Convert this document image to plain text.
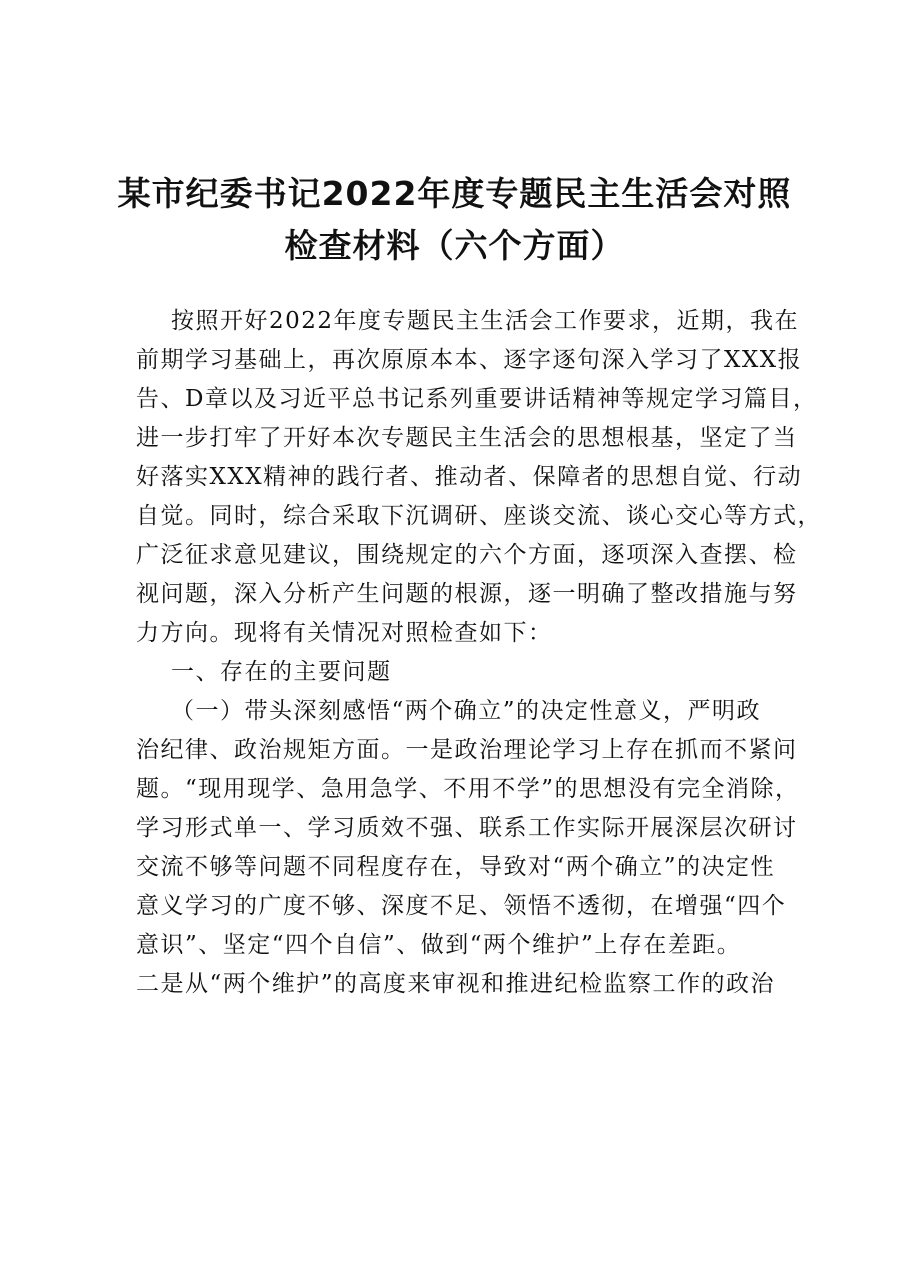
某市纪委书记2022年度专题民主生活会对照
检查材料（六个方面）
按照开好2022年度专题民主生活会工作要求，近期，我在
前期学习基础上，再次原原本本、逐字逐句深入学习了XXX报
告、D章以及习近平总书记系列重要讲话精神等规定学习篇目，
进一步打牢了开好本次专题民主生活会的思想根基，坚定了当
好落实XXX精神的践行者、推动者、保障者的思想自觉、行动
自觉。同时，综合采取下沉调研、座谈交流、谈心交心等方式，
广泛征求意见建议，围绕规定的六个方面，逐项深入查摆、检
视问题，深入分析产生问题的根源，逐一明确了整改措施与努
力方向。现将有关情况对照检查如下：
一、存在的主要问题
（一）带头深刻感悟“两个确立”的决定性意义，严明政
治纪律、政治规矩方面。一是政治理论学习上存在抓而不紧问
题。“现用现学、急用急学、不用不学”的思想没有完全消除，
学习形式单一、学习质效不强、联系工作实际开展深层次研讨
交流不够等问题不同程度存在，导致对“两个确立”的决定性
意义学习的广度不够、深度不足、领悟不透彻，在增强“四个
意识”、坚定“四个自信”、做到“两个维护”上存在差距。
二是从“两个维护”的高度来审视和推进纪检监察工作的政治
